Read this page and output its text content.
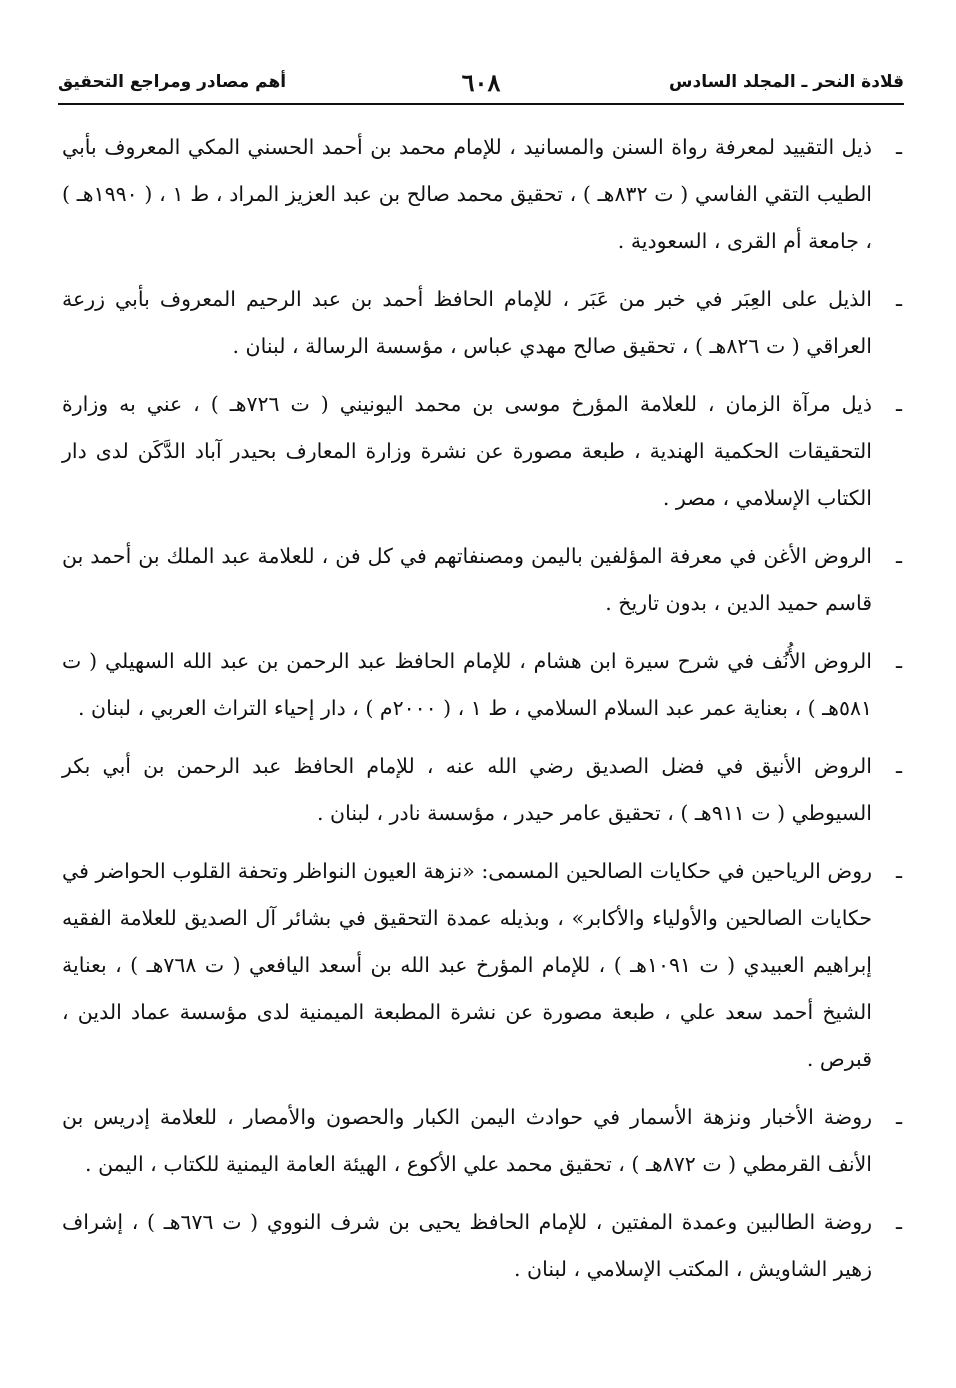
قلادة النحر ـ المجلد السادس
٦٠٨
أهم مصادر ومراجع التحقيق

ـ
ذيل التقييد لمعرفة رواة السنن والمسانيد ، للإمام محمد بن أحمد الحسني المكي المعروف بأبي الطيب التقي الفاسي ( ت ٨٣٢هـ ) ، تحقيق محمد صالح بن عبد العزيز المراد ، ط ١ ، ( ١٩٩٠هـ ) ، جامعة أم القرى ، السعودية .

ـ
الذيل على العِبَر في خبر من عَبَر ، للإمام الحافظ أحمد بن عبد الرحيم المعروف بأبي زرعة العراقي ( ت ٨٢٦هـ ) ، تحقيق صالح مهدي عباس ، مؤسسة الرسالة ، لبنان .

ـ
ذيل مرآة الزمان ، للعلامة المؤرخ موسى بن محمد اليونيني ( ت ٧٢٦هـ ) ، عني به وزارة التحقيقات الحكمية الهندية ، طبعة مصورة عن نشرة وزارة المعارف بحيدر آباد الدَّكَن لدى دار الكتاب الإسلامي ، مصر .

ـ
الروض الأغن في معرفة المؤلفين باليمن ومصنفاتهم في كل فن ، للعلامة عبد الملك بن أحمد بن قاسم حميد الدين ، بدون تاريخ .

ـ
الروض الأُنُف في شرح سيرة ابن هشام ، للإمام الحافظ عبد الرحمن بن عبد الله السهيلي ( ت ٥٨١هـ ) ، بعناية عمر عبد السلام السلامي ، ط ١ ، ( ٢٠٠٠م ) ، دار إحياء التراث العربي ، لبنان .

ـ
الروض الأنيق في فضل الصديق رضي الله عنه ، للإمام الحافظ عبد الرحمن بن أبي بكر السيوطي ( ت ٩١١هـ ) ، تحقيق عامر حيدر ، مؤسسة نادر ، لبنان .

ـ
روض الرياحين في حكايات الصالحين المسمى: «نزهة العيون النواظر وتحفة القلوب الحواضر في حكايات الصالحين والأولياء والأكابر» ، وبذيله عمدة التحقيق في بشائر آل الصديق للعلامة الفقيه إبراهيم العبيدي ( ت ١٠٩١هـ ) ، للإمام المؤرخ عبد الله بن أسعد اليافعي ( ت ٧٦٨هـ ) ، بعناية الشيخ أحمد سعد علي ، طبعة مصورة عن نشرة المطبعة الميمنية لدى مؤسسة عماد الدين ، قبرص .

ـ
روضة الأخبار ونزهة الأسمار في حوادث اليمن الكبار والحصون والأمصار ، للعلامة إدريس بن الأنف القرمطي ( ت ٨٧٢هـ ) ، تحقيق محمد علي الأكوع ، الهيئة العامة اليمنية للكتاب ، اليمن .

ـ
روضة الطالبين وعمدة المفتين ، للإمام الحافظ يحيى بن شرف النووي ( ت ٦٧٦هـ ) ، إشراف زهير الشاويش ، المكتب الإسلامي ، لبنان .
